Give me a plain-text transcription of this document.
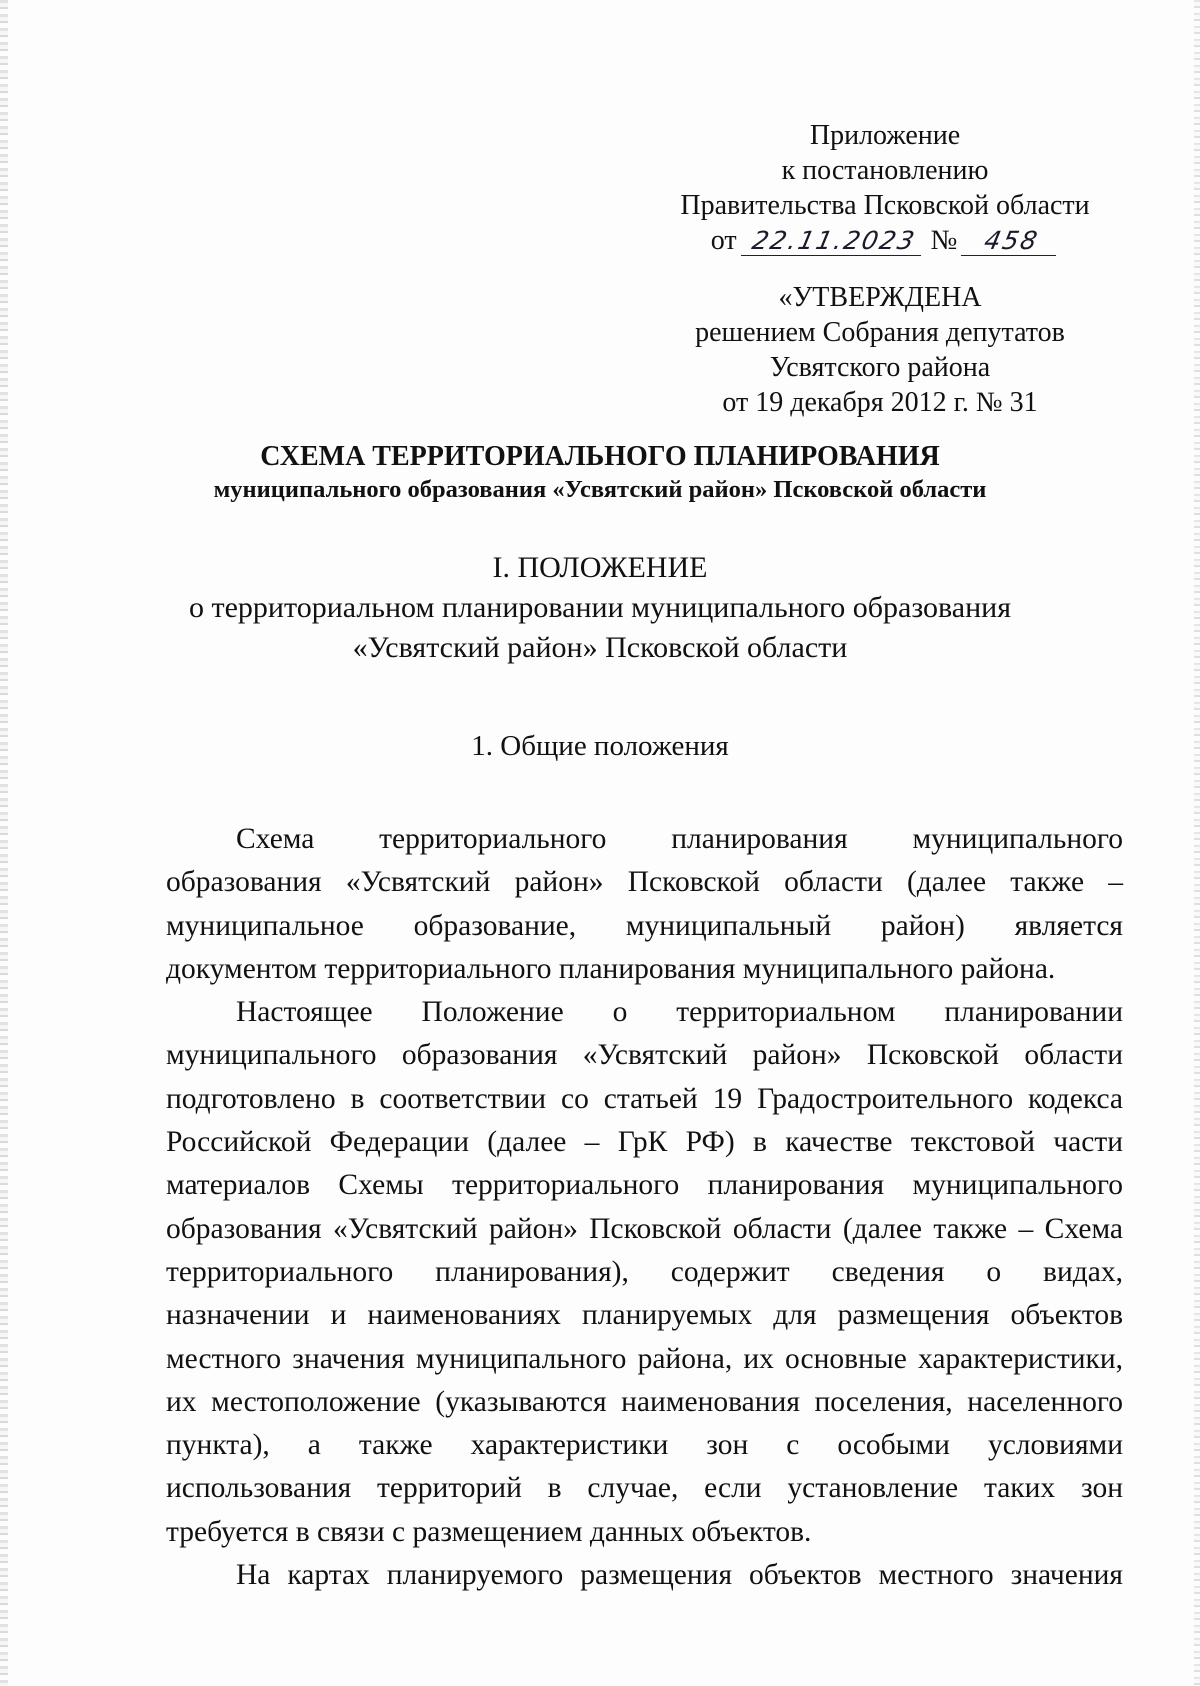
Приложение
к постановлению
Правительства Псковской области
от 22.11.2023 № 458
«УТВЕРЖДЕНА
решением Собрания депутатов
Усвятского района
от 19 декабря 2012 г. № 31
СХЕМА ТЕРРИТОРИАЛЬНОГО ПЛАНИРОВАНИЯ
муниципального образования «Усвятский район» Псковской области
I. ПОЛОЖЕНИЕ
о территориальном планировании муниципального образования
«Усвятский район» Псковской области
1. Общие положения
Схема территориального планирования муниципального
образования «Усвятский район» Псковской области (далее также –
муниципальное образование, муниципальный район) является
документом территориального планирования муниципального района.
Настоящее Положение о территориальном планировании
муниципального образования «Усвятский район» Псковской области
подготовлено в соответствии со статьей 19 Градостроительного кодекса
Российской Федерации (далее – ГрК РФ) в качестве текстовой части
материалов Схемы территориального планирования муниципального
образования «Усвятский район» Псковской области (далее также – Схема
территориального планирования), содержит сведения о видах,
назначении и наименованиях планируемых для размещения объектов
местного значения муниципального района, их основные характеристики,
их местоположение (указываются наименования поселения, населенного
пункта), а также характеристики зон с особыми условиями
использования территорий в случае, если установление таких зон
требуется в связи с размещением данных объектов.
На картах планируемого размещения объектов местного значения
